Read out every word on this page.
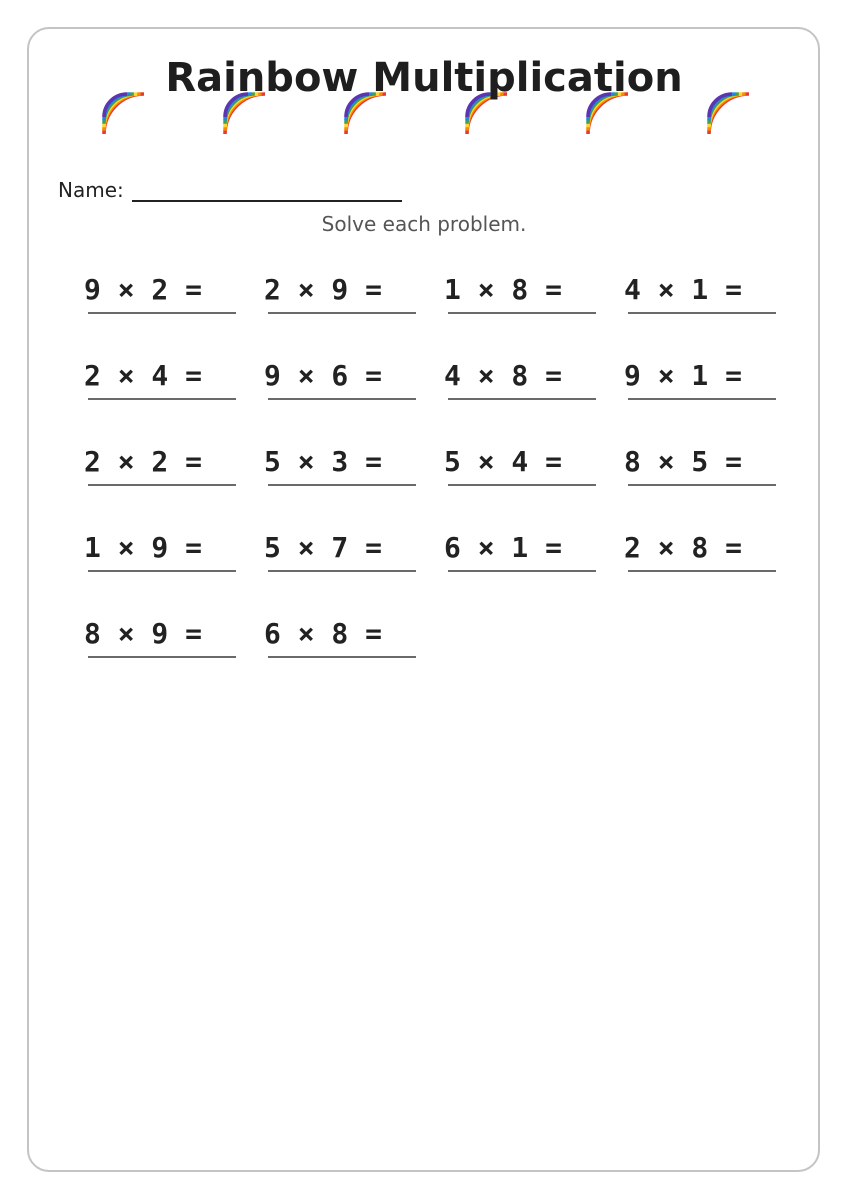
Rainbow Multiplication
Name:
Solve each problem.
9 × 2 = 2 × 9 = 1 × 8 = 4 × 1 =
2 × 4 = 9 × 6 = 4 × 8 = 9 × 1 =
2 × 2 = 5 × 3 = 5 × 4 = 8 × 5 =
1 × 9 = 5 × 7 = 6 × 1 = 2 × 8 =
8 × 9 = 6 × 8 =
